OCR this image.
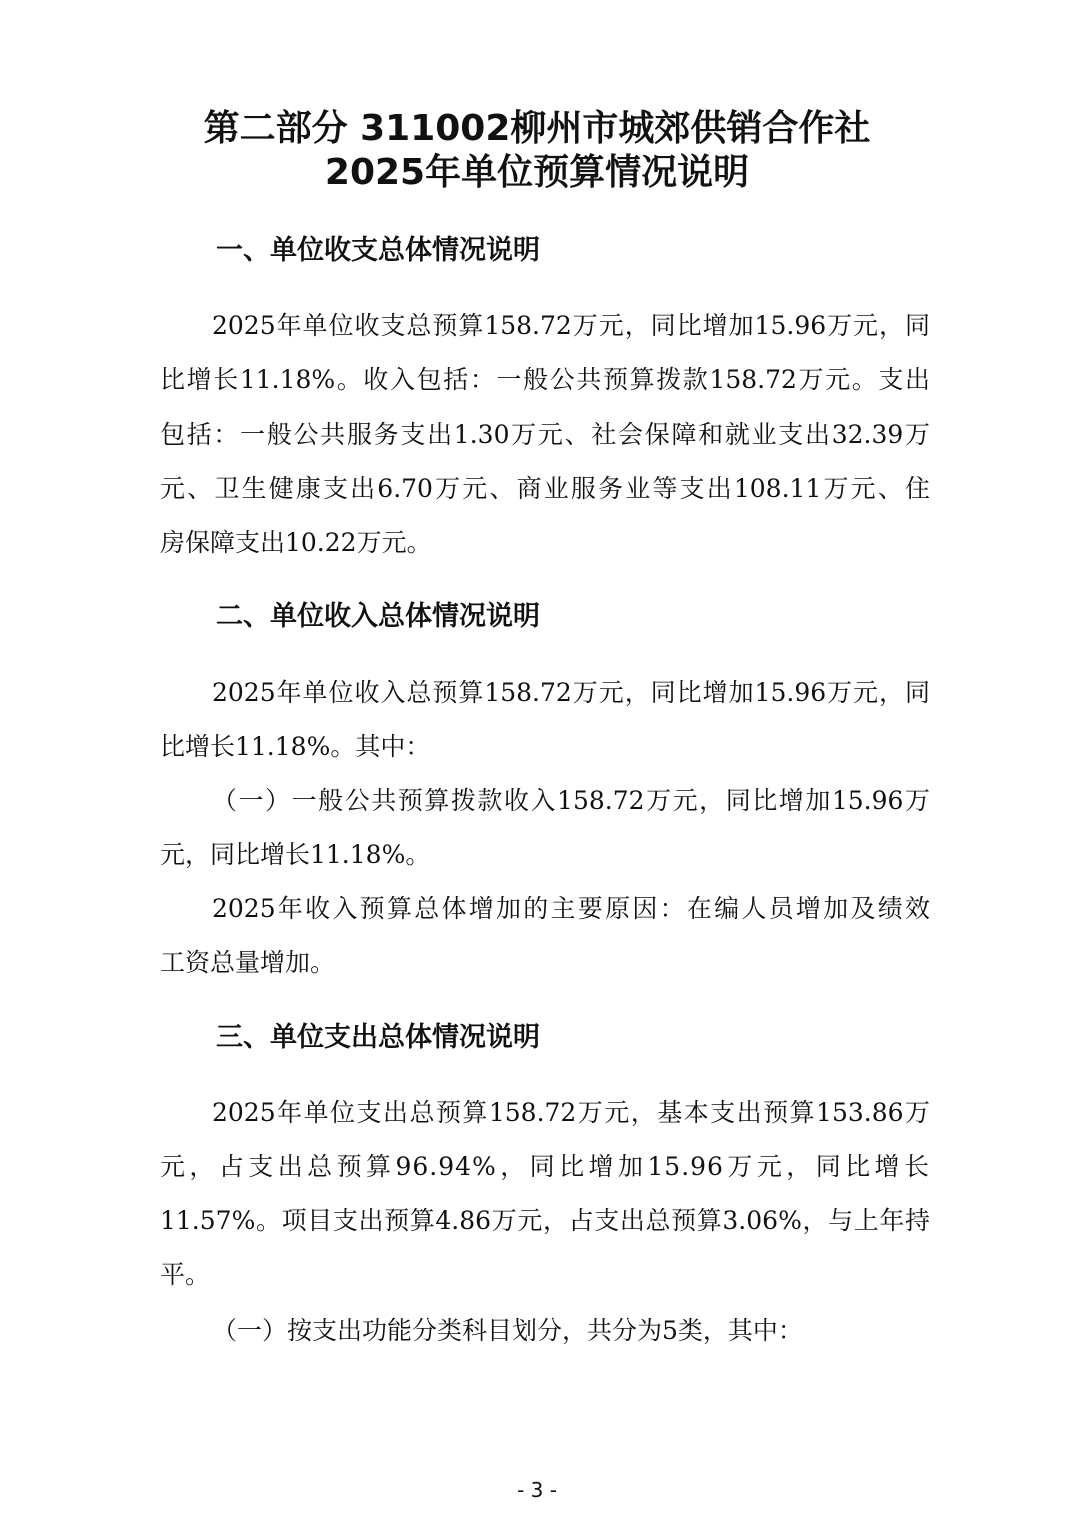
第二部分 311002柳州市城郊供销合作社
2025年单位预算情况说明
一、单位收支总体情况说明
2025年单位收支总预算158.72万元，同比增加15.96万元，同
比增长11.18%。收入包括：一般公共预算拨款158.72万元。支出
包括：一般公共服务支出1.30万元、社会保障和就业支出32.39万
元、卫生健康支出6.70万元、商业服务业等支出108.11万元、住
房保障支出10.22万元。
二、单位收入总体情况说明
2025年单位收入总预算158.72万元，同比增加15.96万元，同
比增长11.18%。其中：
（一）一般公共预算拨款收入158.72万元，同比增加15.96万
元，同比增长11.18%。
2025年收入预算总体增加的主要原因：在编人员增加及绩效
工资总量增加。
三、单位支出总体情况说明
2025年单位支出总预算158.72万元，基本支出预算153.86万
元，占支出总预算96.94%，同比增加15.96万元，同比增长
11.57%。项目支出预算4.86万元，占支出总预算3.06%，与上年持
平。
（一）按支出功能分类科目划分，共分为5类，其中：
- 3 -
